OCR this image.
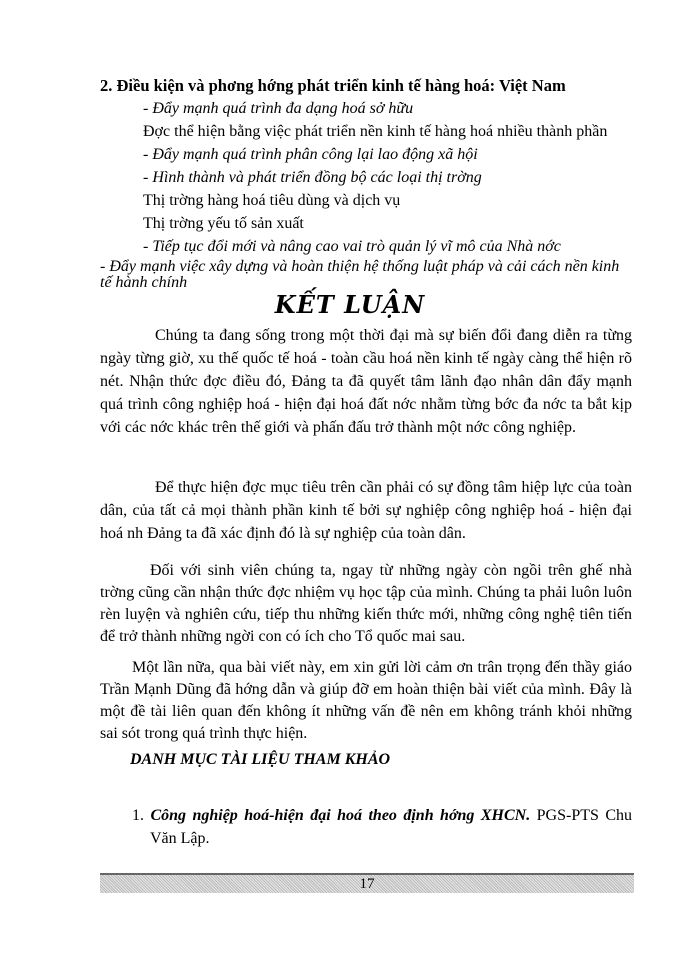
2. Điều kiện và phơng hớng phát triển kinh tế hàng hoá: Việt Nam
- Đẩy mạnh quá trình đa dạng hoá sở hữu
Đợc thể hiện bằng việc phát triển nền kinh tế hàng hoá nhiều thành phần
- Đẩy mạnh quá trình phân công lại lao động xã hội
- Hình thành và phát triển đồng bộ các loại thị trờng
Thị trờng hàng hoá tiêu dùng và dịch vụ
Thị trờng yếu tố sản xuất
- Tiếp tục đổi mới và nâng cao vai trò quản lý vĩ mô của Nhà nớc
- Đẩy mạnh việc xây dựng và hoàn thiện hệ thống luật pháp và cải cách nền kinh tế hành chính
KẾT LUẬN

Chúng ta đang sống trong một thời đại mà sự biến đổi đang diễn ra từng ngày từng giờ, xu thế quốc tế hoá - toàn cầu hoá nền kinh tế ngày càng thể hiện rõ nét. Nhận thức đợc điều đó, Đảng ta đã quyết tâm lãnh đạo nhân dân đẩy mạnh quá trình công nghiệp hoá - hiện đại hoá đất nớc nhằm từng bớc đa nớc ta bắt kịp với các nớc khác trên thế giới và phấn đấu trở thành một nớc công nghiệp.

Để thực hiện đợc mục tiêu trên cần phải có sự đồng tâm hiệp lực của toàn dân, của tất cả mọi thành phần kinh tế bởi sự nghiệp công nghiệp hoá - hiện đại hoá nh Đảng ta đã xác định đó là sự nghiệp của toàn dân.

Đối với sinh viên chúng ta, ngay từ những ngày còn ngồi trên ghế nhà trờng cũng cần nhận thức đợc nhiệm vụ học tập của mình. Chúng ta phải luôn luôn rèn luyện và nghiên cứu, tiếp thu những kiến thức mới, những công nghệ tiên tiến để trở thành những ngời con có ích cho Tổ quốc mai sau.

Một lần nữa, qua bài viết này, em xin gửi lời cảm ơn trân trọng đến thầy giáo Trần Mạnh Dũng đã hớng dẫn và giúp đỡ em hoàn thiện bài viết của mình. Đây là một đề tài liên quan đến không ít những vấn đề nên em không tránh khỏi những sai sót trong quá trình thực hiện.

DANH MỤC TÀI LIỆU THAM KHẢO
1. Công nghiệp hoá-hiện đại hoá theo định hớng XHCN. PGS-PTS Chu Văn Lập.
17
